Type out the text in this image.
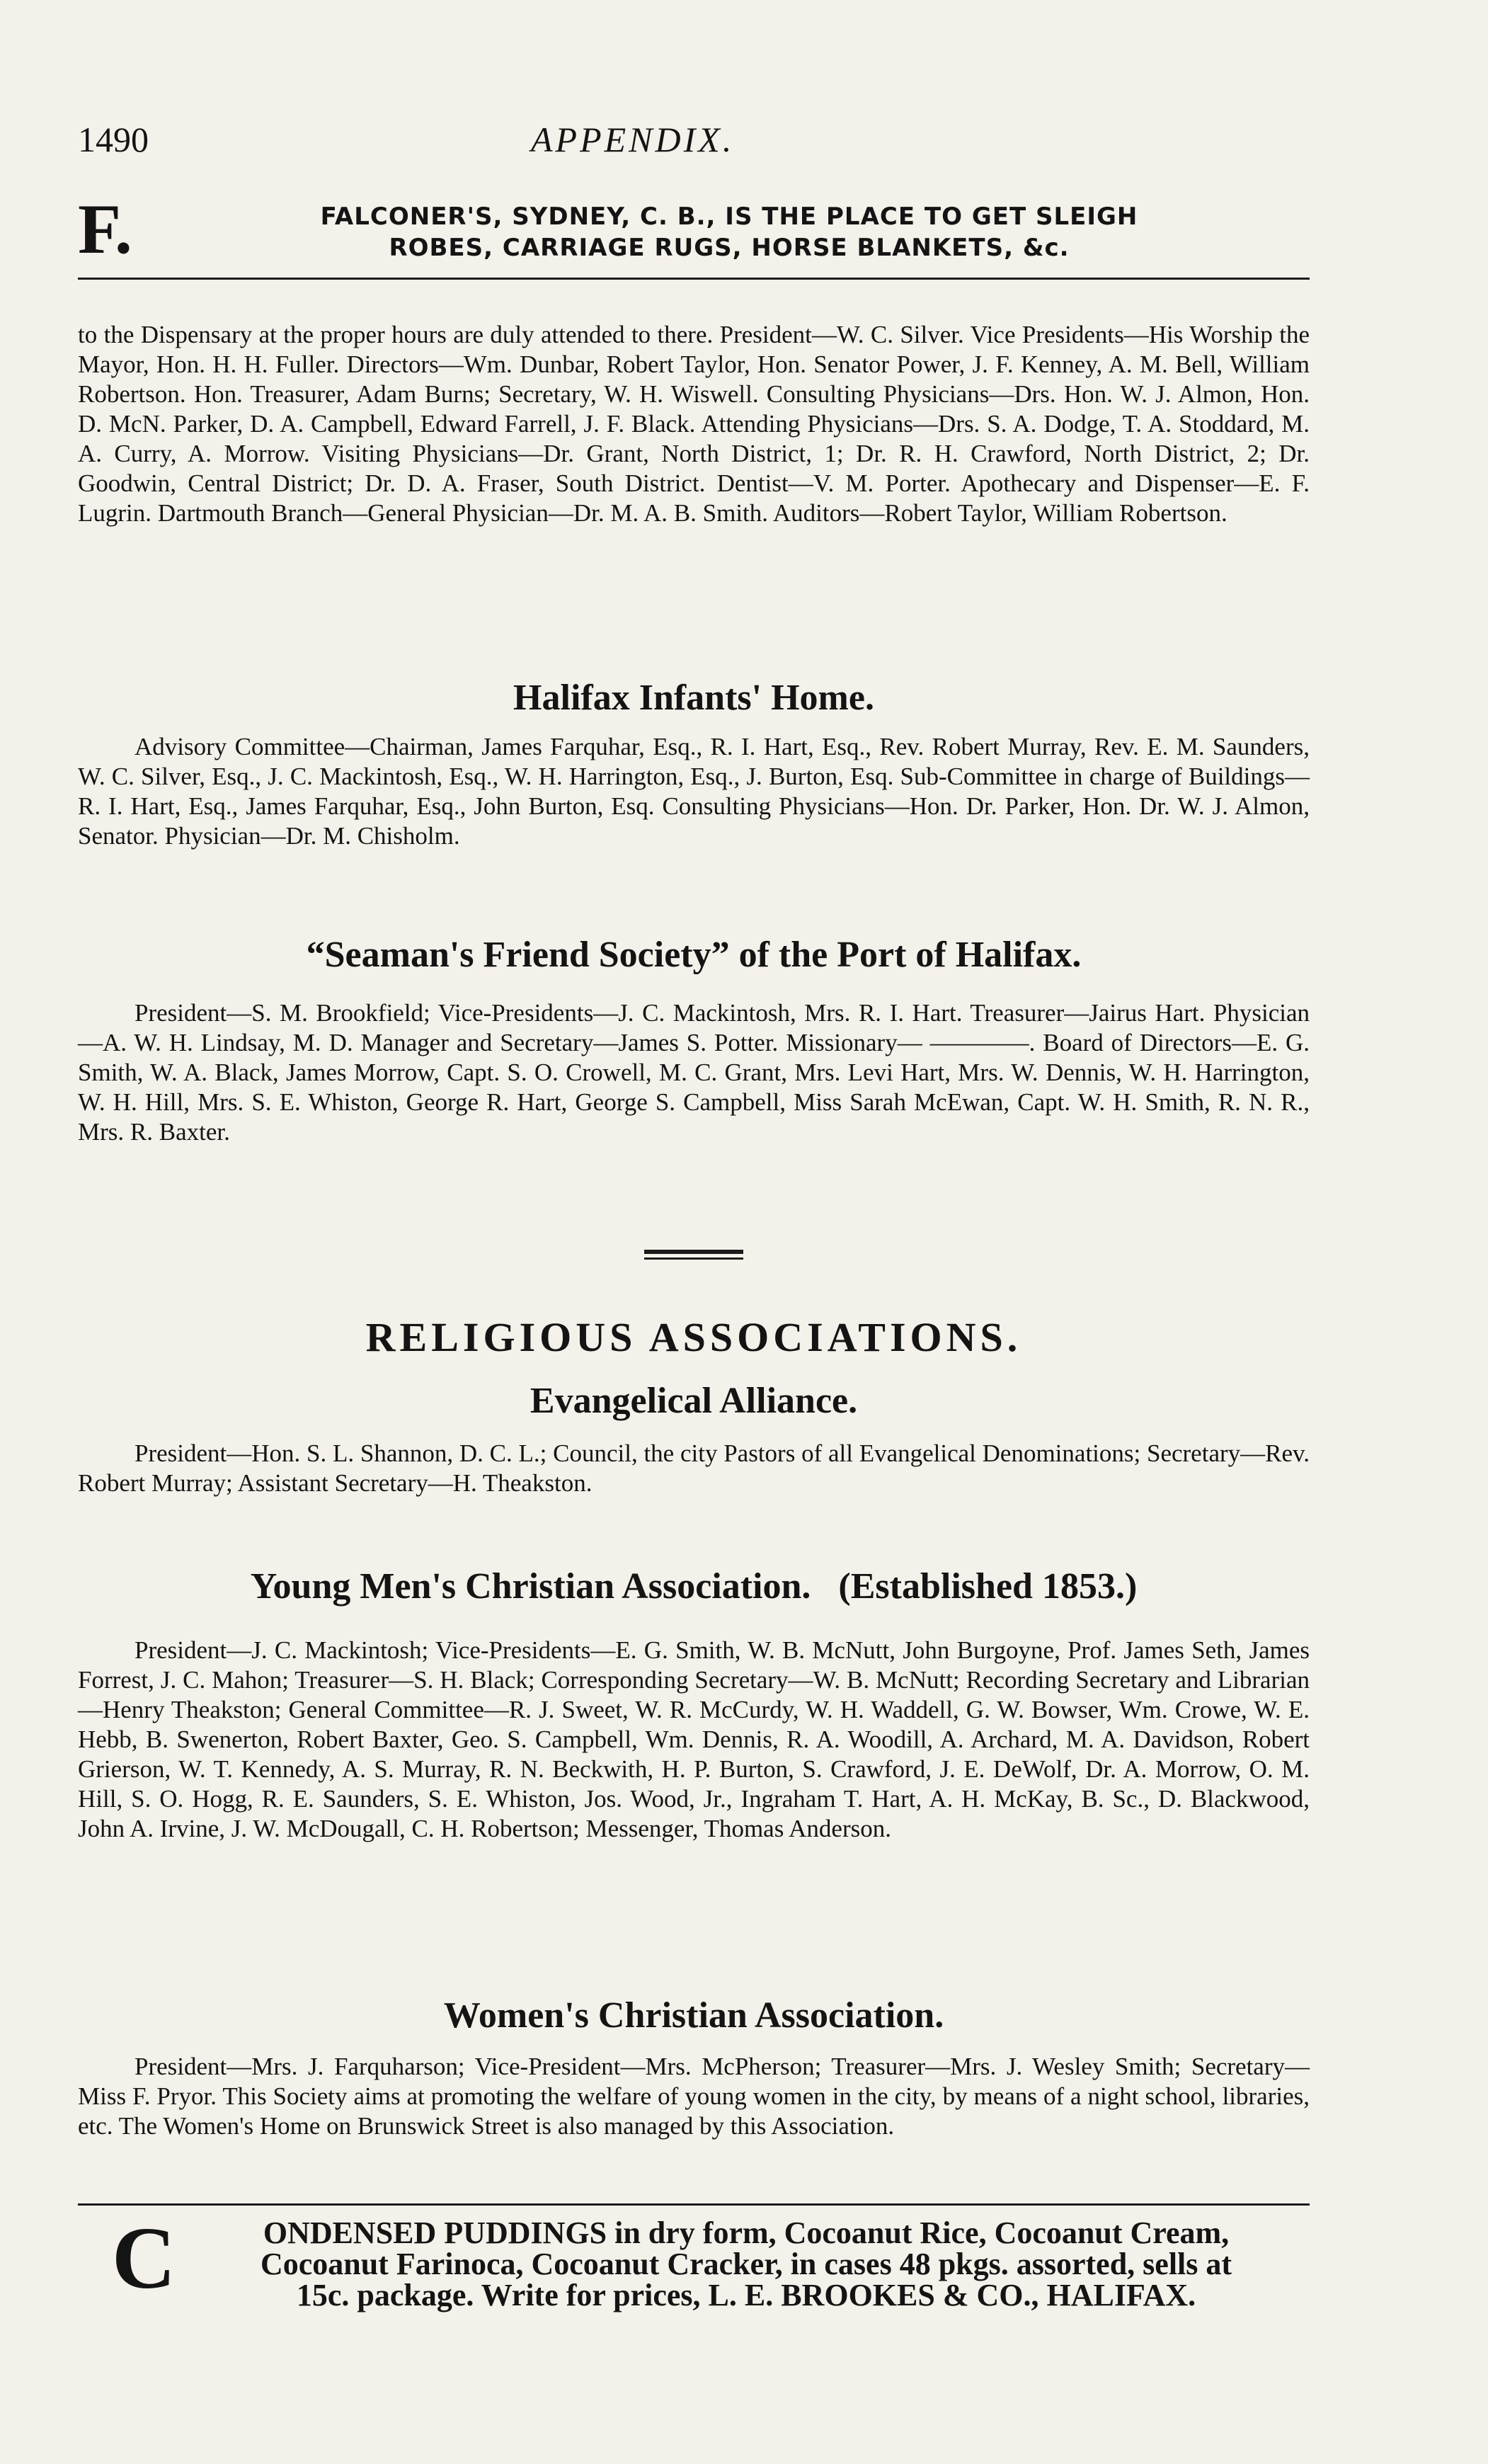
1490	APPENDIX.
F.	FALCONER'S, SYDNEY, C. B., IS THE PLACE TO GET SLEIGH
ROBES, CARRIAGE RUGS, HORSE BLANKETS, &c.
to the Dispensary at the proper hours are duly attended to there. President—W. C. Silver. Vice Presidents—His Worship the Mayor, Hon. H. H. Fuller. Directors—Wm. Dunbar, Robert Taylor, Hon. Senator Power, J. F. Kenney, A. M. Bell, William Robertson. Hon. Treasurer, Adam Burns; Secretary, W. H. Wiswell. Consulting Physicians—Drs. Hon. W. J. Almon, Hon. D. McN. Parker, D. A. Campbell, Edward Farrell, J. F. Black. Attending Physicians—Drs. S. A. Dodge, T. A. Stoddard, M. A. Curry, A. Morrow. Visiting Physicians—Dr. Grant, North District, 1; Dr. R. H. Crawford, North District, 2; Dr. Goodwin, Central District; Dr. D. A. Fraser, South District. Dentist—V. M. Porter. Apothecary and Dispenser—E. F. Lugrin. Dartmouth Branch—General Physician—Dr. M. A. B. Smith. Auditors—Robert Taylor, William Robertson.
Halifax Infants' Home.
Advisory Committee—Chairman, James Farquhar, Esq., R. I. Hart, Esq., Rev. Robert Murray, Rev. E. M. Saunders, W. C. Silver, Esq., J. C. Mackintosh, Esq., W. H. Harrington, Esq., J. Burton, Esq. Sub-Committee in charge of Buildings—R. I. Hart, Esq., James Farquhar, Esq., John Burton, Esq. Consulting Physicians—Hon. Dr. Parker, Hon. Dr. W. J. Almon, Senator. Physician—Dr. M. Chisholm.
“Seaman's Friend Society” of the Port of Halifax.
President—S. M. Brookfield; Vice-Presidents—J. C. Mackintosh, Mrs. R. I. Hart. Treasurer—Jairus Hart. Physician—A. W. H. Lindsay, M. D. Manager and Secretary—James S. Potter. Missionary— ————. Board of Directors—E. G. Smith, W. A. Black, James Morrow, Capt. S. O. Crowell, M. C. Grant, Mrs. Levi Hart, Mrs. W. Dennis, W. H. Harrington, W. H. Hill, Mrs. S. E. Whiston, George R. Hart, George S. Campbell, Miss Sarah McEwan, Capt. W. H. Smith, R. N. R., Mrs. R. Baxter.
RELIGIOUS ASSOCIATIONS.
Evangelical Alliance.
President—Hon. S. L. Shannon, D. C. L.; Council, the city Pastors of all Evangelical Denominations; Secretary—Rev. Robert Murray; Assistant Secretary—H. Theakston.
Young Men's Christian Association.   (Established 1853.)
President—J. C. Mackintosh; Vice-Presidents—E. G. Smith, W. B. McNutt, John Burgoyne, Prof. James Seth, James Forrest, J. C. Mahon; Treasurer—S. H. Black; Corresponding Secretary—W. B. McNutt; Recording Secretary and Librarian—Henry Theakston; General Committee—R. J. Sweet, W. R. McCurdy, W. H. Waddell, G. W. Bowser, Wm. Crowe, W. E. Hebb, B. Swenerton, Robert Baxter, Geo. S. Campbell, Wm. Dennis, R. A. Woodill, A. Archard, M. A. Davidson, Robert Grierson, W. T. Kennedy, A. S. Murray, R. N. Beckwith, H. P. Burton, S. Crawford, J. E. DeWolf, Dr. A. Morrow, O. M. Hill, S. O. Hogg, R. E. Saunders, S. E. Whiston, Jos. Wood, Jr., Ingraham T. Hart, A. H. McKay, B. Sc., D. Blackwood, John A. Irvine, J. W. McDougall, C. H. Robertson; Messenger, Thomas Anderson.
Women's Christian Association.
President—Mrs. J. Farquharson; Vice-President—Mrs. McPherson; Treasurer—Mrs. J. Wesley Smith; Secretary—Miss F. Pryor. This Society aims at promoting the welfare of young women in the city, by means of a night school, libraries, etc. The Women's Home on Brunswick Street is also managed by this Association.
C	ONDENSED PUDDINGS in dry form, Cocoanut Rice, Cocoanut Cream,
Cocoanut Farinoca, Cocoanut Cracker, in cases 48 pkgs. assorted, sells at
15c. package. Write for prices, L. E. BROOKES & CO., HALIFAX.
